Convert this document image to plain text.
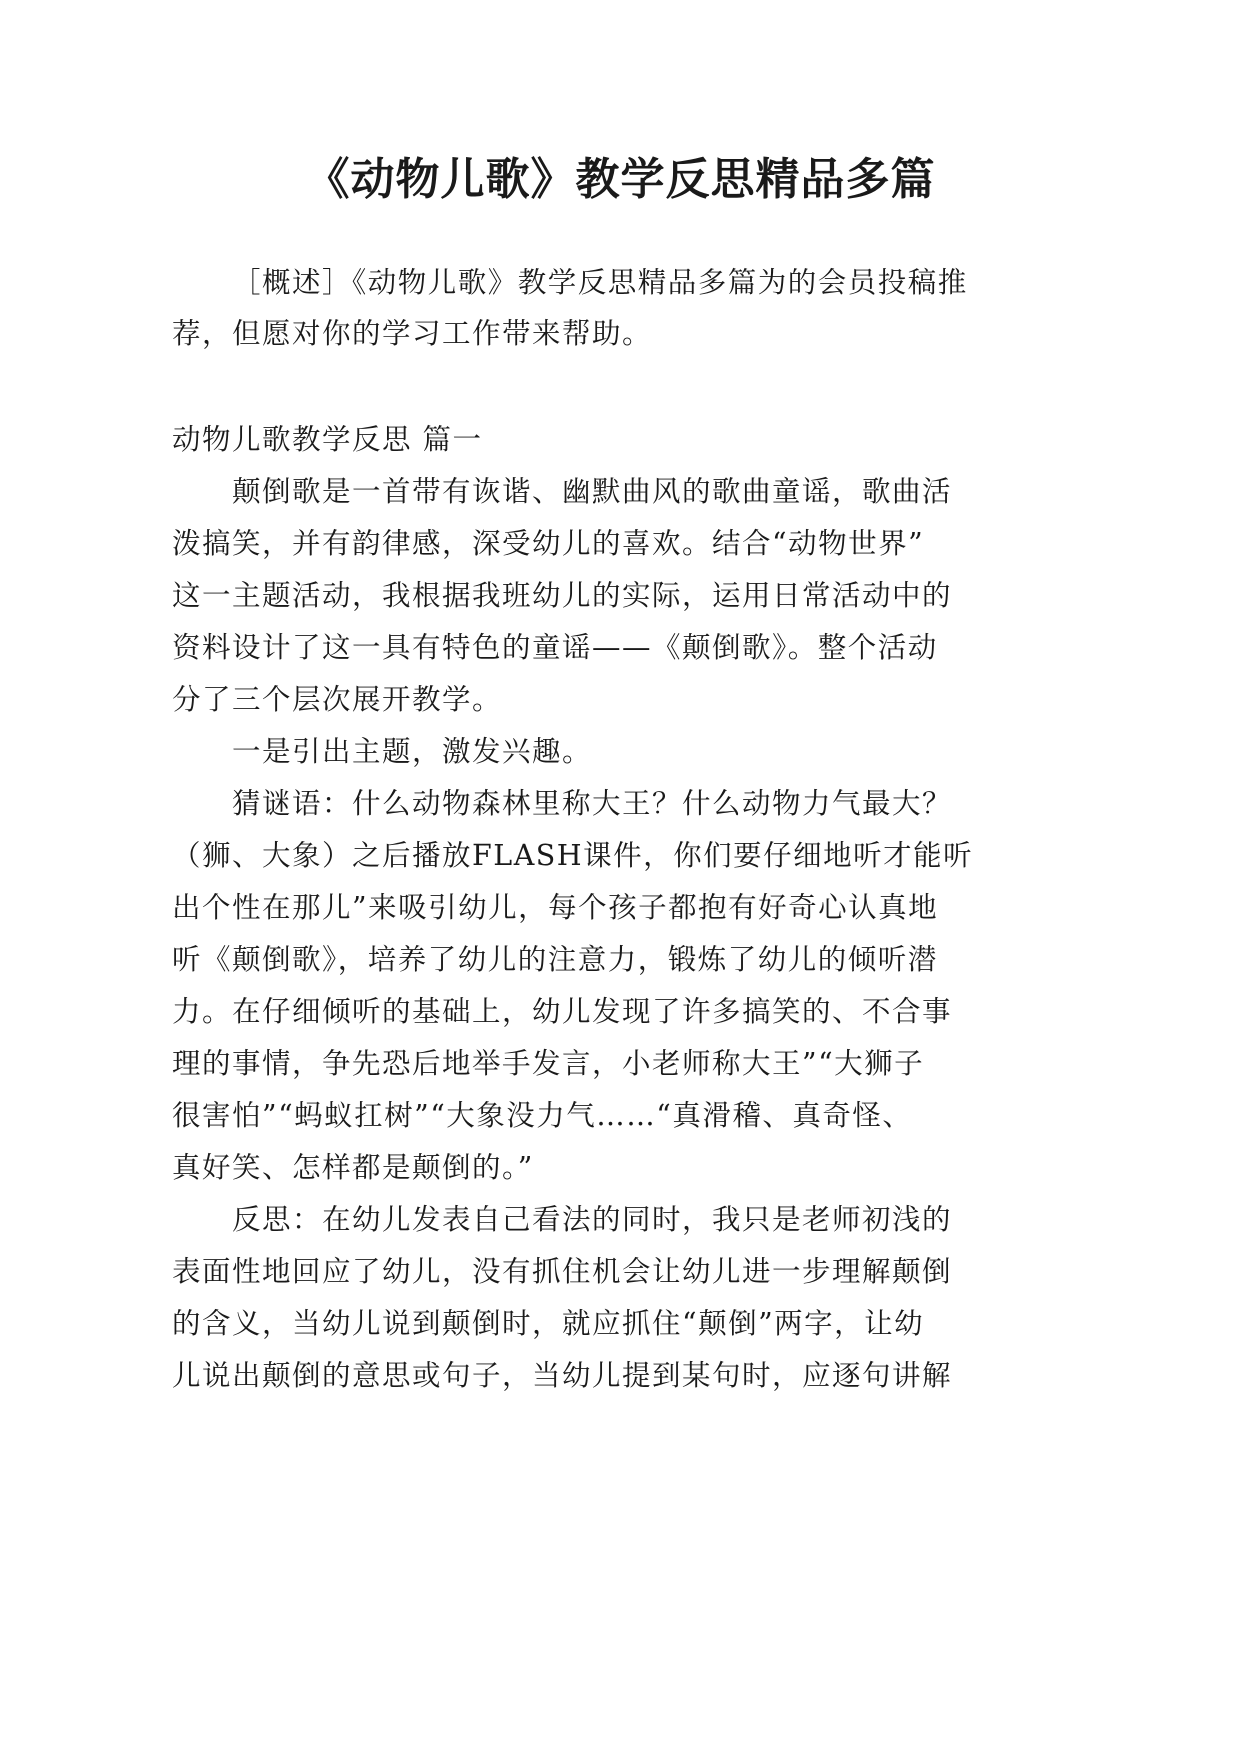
《动物儿歌》教学反思精品多篇
［概述］《动物儿歌》教学反思精品多篇为的会员投稿推
荐，但愿对你的学习工作带来帮助。
动物儿歌教学反思 篇一
颠倒歌是一首带有诙谐、幽默曲风的歌曲童谣，歌曲活
泼搞笑，并有韵律感，深受幼儿的喜欢。结合“动物世界”
这一主题活动，我根据我班幼儿的实际，运用日常活动中的
资料设计了这一具有特色的童谣——《颠倒歌》。整个活动
分了三个层次展开教学。
一是引出主题，激发兴趣。
猜谜语：什么动物森林里称大王？什么动物力气最大？
（狮、大象）之后播放FLASH课件，你们要仔细地听才能听
出个性在那儿”来吸引幼儿，每个孩子都抱有好奇心认真地
听《颠倒歌》，培养了幼儿的注意力，锻炼了幼儿的倾听潜
力。在仔细倾听的基础上，幼儿发现了许多搞笑的、不合事
理的事情，争先恐后地举手发言，小老师称大王”“大狮子
很害怕”“蚂蚁扛树”“大象没力气……“真滑稽、真奇怪、
真好笑、怎样都是颠倒的。”
反思：在幼儿发表自己看法的同时，我只是老师初浅的
表面性地回应了幼儿，没有抓住机会让幼儿进一步理解颠倒
的含义，当幼儿说到颠倒时，就应抓住“颠倒”两字，让幼
儿说出颠倒的意思或句子，当幼儿提到某句时，应逐句讲解
